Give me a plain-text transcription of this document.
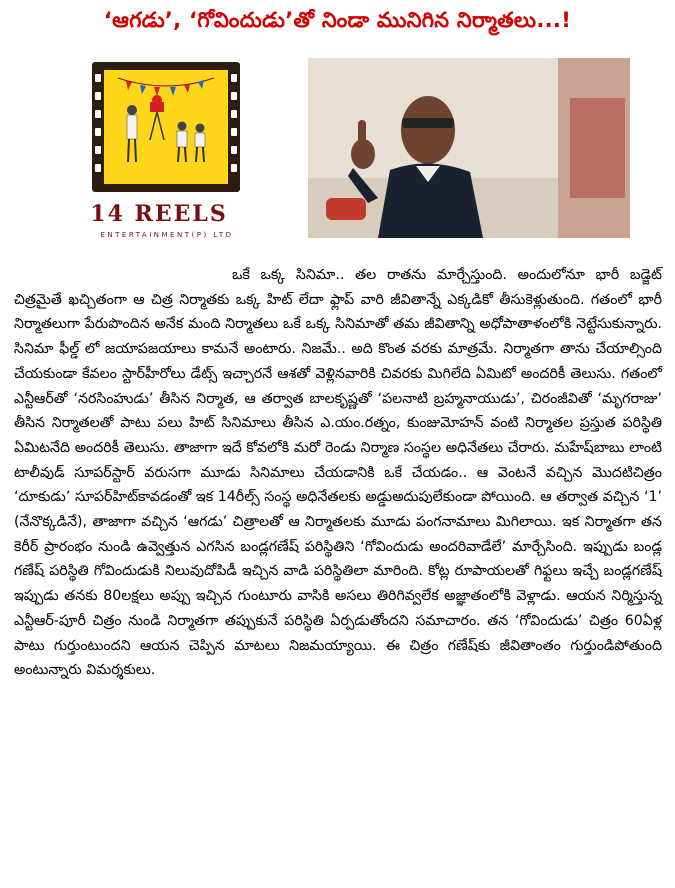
‘ఆగడు’, ‘గోవిందుడు’తో నిండా మునిగిన నిర్మాతలు...!
14 REELS
ENTERTAINMENT(P) LTD

ఒకే ఒక్క సినిమా.. తల రాతను మార్చేస్తుంది. అందులోనూ భారీ బడ్జెట్ చిత్రమైతే ఖచ్చితంగా ఆ చిత్ర నిర్మాతకు ఒక్క హిట్ లేదా ఫ్లాప్ వారి జీవితాన్నే ఎక్కడికో తీసుకెళ్లుతుంది. గతంలో భారీ నిర్మాతలుగా పేరుపొందిన అనేక మంది నిర్మాతలు ఒకే ఒక్క సినిమాతో తమ జీవితాన్ని అధోపాతాళంలోకి నెట్టేసుకున్నారు. సినిమా ఫీల్డ్ లో జయాపజయాలు కామనే అంటారు. నిజమే.. అది కొంత వరకు మాత్రమే. నిర్మాతగా తాను చేయాల్సింది చేయకుండా కేవలం స్టార్‌హీరోలు డేట్స్ ఇచ్చారనే ఆశతో వెళ్లినవారికి చివరకు మిగిలేది ఏమిటో అందరికీ తెలుసు. గతంలో ఎన్టీఆర్‌తో ‘నరసింహుడు’ తీసిన నిర్మాత, ఆ తర్వాత బాలకృష్ణతో ‘పలనాటి బ్రహ్మనాయుడు’, చిరంజీవితో ‘మృగరాజు’ తీసిన నిర్మాతలతో పాటు పలు హిట్ సినిమాలు తీసిన ఎ.యం.రత్నం, కుంజుమోహన్ వంటి నిర్మాతల ప్రస్తుత పరిస్థితి ఏమిటనేది అందరికీ తెలుసు. తాజాగా ఇదే కోవలోకి మరో రెండు నిర్మాణ సంస్థల అధినేతలు చేరారు. మహేష్‌బాబు లాంటి టాలీవుడ్ సూపర్‌స్టార్ వరుసగా మూడు సినిమాలు చేయడానికి ఒకే చేయడం.. ఆ వెంటనే వచ్చిన మొదటిచిత్రం ‘దూకుడు’ సూపర్‌హిట్‌కావడంతో ఇక 14రీల్స్ సంస్థ అధినేతలకు అడ్డుఅదుపులేకుండా పోయింది. ఆ తర్వాత వచ్చిన ‘1’ (నేనొక్కడినే), తాజాగా వచ్చిన ‘ఆగడు’ చిత్రాలతో ఆ నిర్మాతలకు మూడు పంగనామాలు మిగిలాయి. ఇక నిర్మాతగా తన కెరీర్ ప్రారంభం నుండి ఉవ్వెత్తున ఎగసిన బండ్లగణేష్ పరిస్థితిని ‘గోవిందుడు అందరివాడేలే’ మార్చేసింది. ఇప్పుడు బండ్ల గణేష్ పరిస్థితి గోవిందుడుకి నిలువుదోపిడీ ఇచ్చిన వాడి పరిస్థితిలా మారింది. కోట్ల రూపాయలతో గిఫ్టలు ఇచ్చే బండ్లగణేష్ ఇప్పుడు తనకు 80లక్షలు అప్పు ఇచ్చిన గుంటూరు వాసికి అసలు తిరిగివ్వలేక అజ్ఞాతంలోకి వెళ్లాడు. ఆయన నిర్మిస్తున్న ఎన్టీఆర్-పూరీ చిత్రం నుండి నిర్మాతగా తప్పుకునే పరిస్థితి ఏర్పడుతోందని సమాచారం. తన ‘గోవిందుడు’ చిత్రం 60ఏళ్ల పాటు గుర్తుంటుందని ఆయన చెప్పిన మాటలు నిజమయ్యాయి. ఈ చిత్రం గణేష్‌కు జీవితాంతం గుర్తుండిపోతుంది అంటున్నారు విమర్శకులు.
